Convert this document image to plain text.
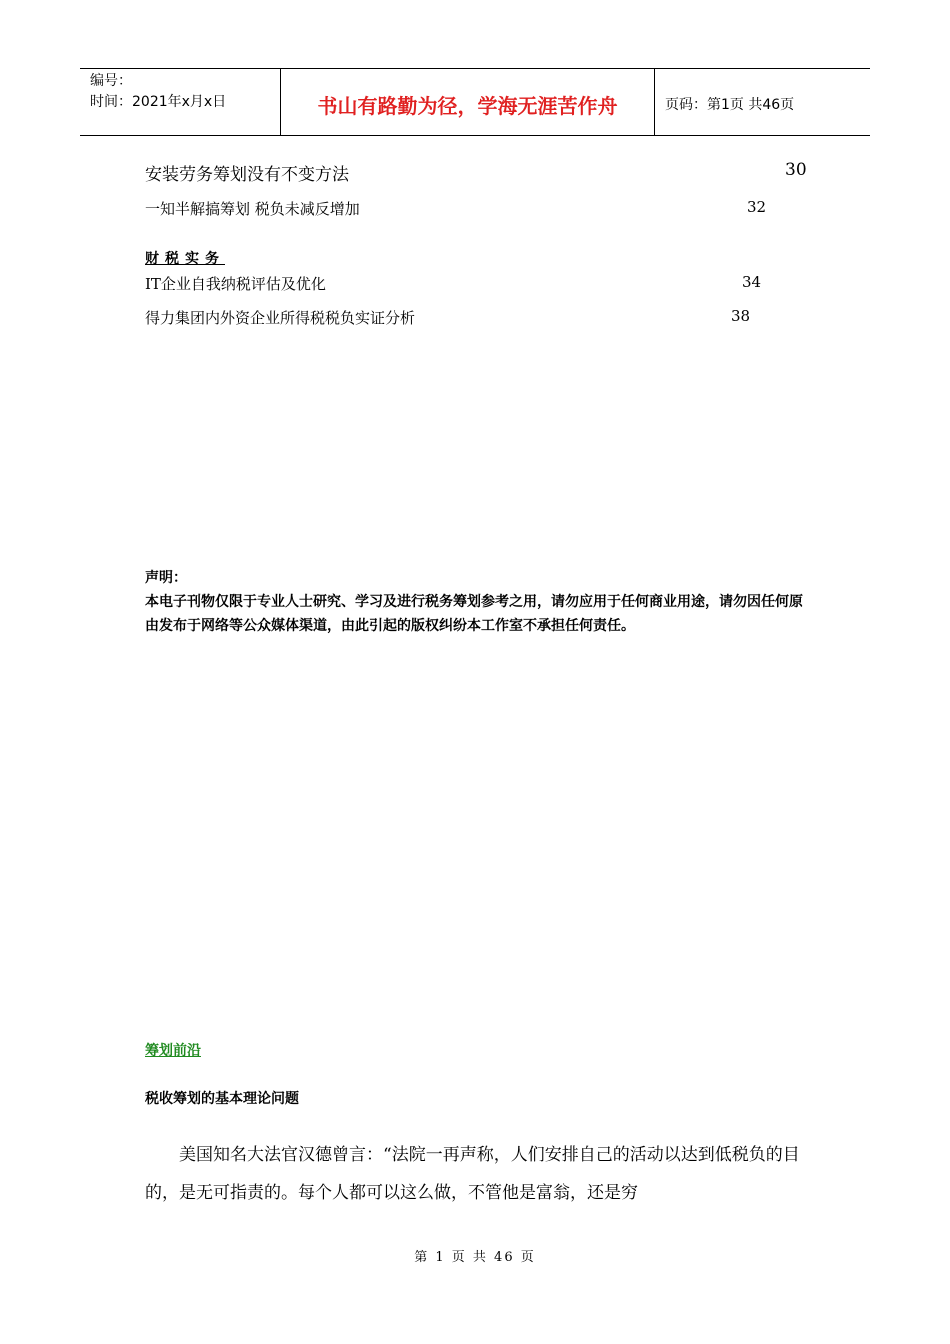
编号：
时间：2021年x月x日	书山有路勤为径，学海无涯苦作舟	页码：第1页 共46页
安装劳务筹划没有不变方法	30
一知半解搞筹划 税负未减反增加	32
财税实务
IT企业自我纳税评估及优化	34
得力集团内外资企业所得税税负实证分析	38
声明：
本电子刊物仅限于专业人士研究、学习及进行税务筹划参考之用，请勿应用于任何商业用途，请勿因任何原由发布于网络等公众媒体渠道，由此引起的版权纠纷本工作室不承担任何责任。
筹划前沿
税收筹划的基本理论问题
美国知名大法官汉德曾言：“法院一再声称，人们安排自己的活动以达到低税负的目的，是无可指责的。每个人都可以这么做，不管他是富翁，还是穷
第 1 页 共 46 页
